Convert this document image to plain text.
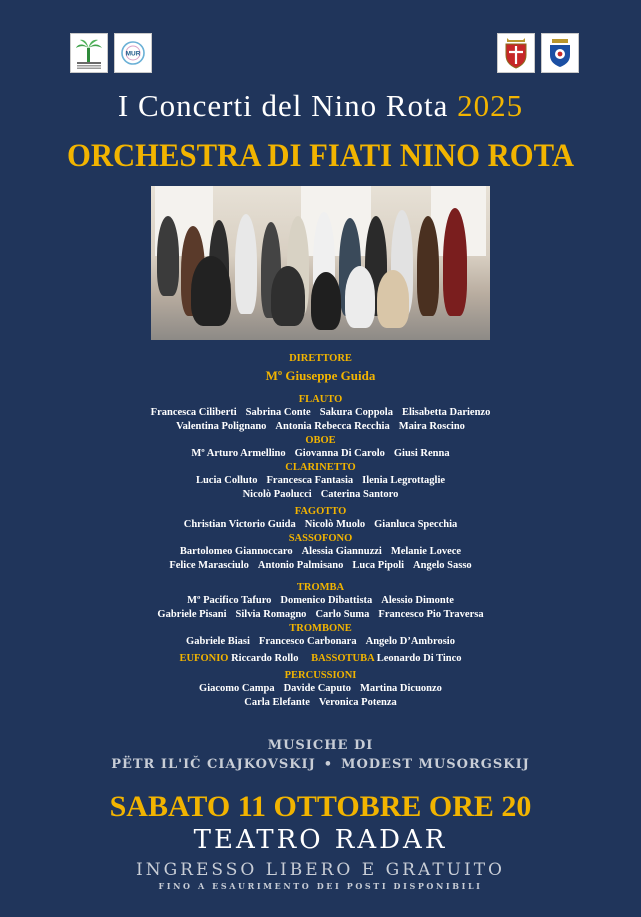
MUR
I Concerti del Nino Rota 2025
ORCHESTRA DI FIATI NINO ROTA
DIRETTORE
Mº Giuseppe Guida
FLAUTO
Francesca Ciliberti Sabrina Conte Sakura Coppola Elisabetta Darienzo
Valentina Polignano Antonia Rebecca Recchia Maira Roscino
OBOE
Mº Arturo Armellino Giovanna Di Carolo Giusi Renna
CLARINETTO
Lucia Colluto Francesca Fantasia Ilenia Legrottaglie
Nicolò Paolucci Caterina Santoro
FAGOTTO
Christian Victorio Guida Nicolò Muolo Gianluca Specchia
SASSOFONO
Bartolomeo Giannoccaro Alessia Giannuzzi Melanie Lovece
Felice Marasciulo Antonio Palmisano Luca Pipoli Angelo Sasso
TROMBA
Mº Pacifico Tafuro Domenico Dibattista Alessio Dimonte
Gabriele Pisani Silvia Romagno Carlo Suma Francesco Pio Traversa
TROMBONE
Gabriele Biasi Francesco Carbonara Angelo D’Ambrosio
EUFONIO Riccardo Rollo BASSOTUBA Leonardo Di Tinco
PERCUSSIONI
Giacomo Campa Davide Caputo Martina Dicuonzo
Carla Elefante Veronica Potenza
MUSICHE DI
PËTR IL'IČ CIAJKOVSKIJ • MODEST MUSORGSKIJ
SABATO 11 OTTOBRE ORE 20
TEATRO RADAR
INGRESSO LIBERO E GRATUITO
FINO A ESAURIMENTO DEI POSTI DISPONIBILI
